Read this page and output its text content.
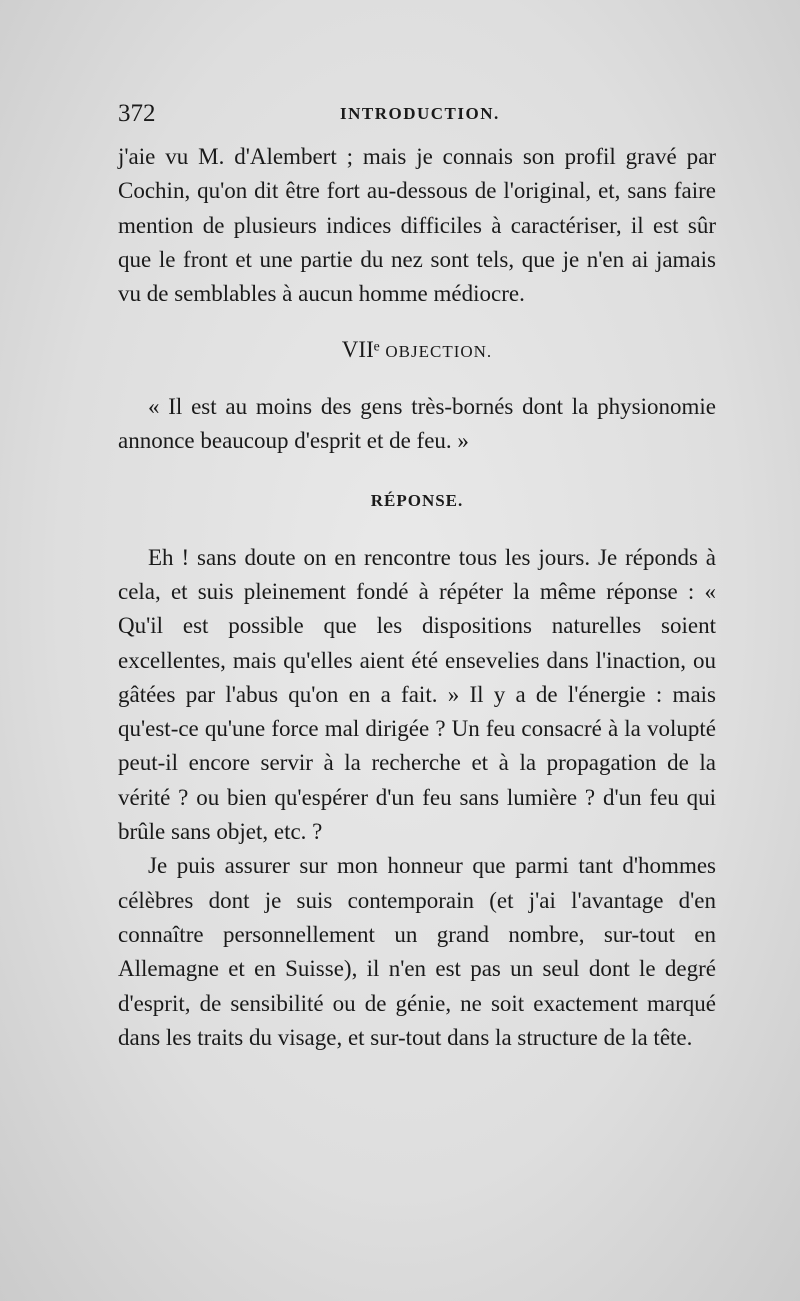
372	INTRODUCTION.

j'aie vu M. d'Alembert ; mais je connais son profil gravé par Cochin, qu'on dit être fort au-dessous de l'original, et, sans faire mention de plusieurs indices difficiles à caractériser, il est sûr que le front et une partie du nez sont tels, que je n'en ai jamais vu de semblables à aucun homme médiocre.

VIIᵉ OBJECTION.

« Il est au moins des gens très-bornés dont la physionomie annonce beaucoup d'esprit et de feu. »

RÉPONSE.

Eh ! sans doute on en rencontre tous les jours. Je réponds à cela, et suis pleinement fondé à répéter la même réponse : « Qu'il est possible que les dispositions naturelles soient excellentes, mais qu'elles aient été ensevelies dans l'inaction, ou gâtées par l'abus qu'on en a fait. » Il y a de l'énergie : mais qu'est-ce qu'une force mal dirigée ? Un feu consacré à la volupté peut-il encore servir à la recherche et à la propagation de la vérité ? ou bien qu'espérer d'un feu sans lumière ? d'un feu qui brûle sans objet, etc. ?

Je puis assurer sur mon honneur que parmi tant d'hommes célèbres dont je suis contemporain (et j'ai l'avantage d'en connaître personnellement un grand nombre, sur-tout en Allemagne et en Suisse), il n'en est pas un seul dont le degré d'esprit, de sensibilité ou de génie, ne soit exactement marqué dans les traits du visage, et sur-tout dans la structure de la tête.
